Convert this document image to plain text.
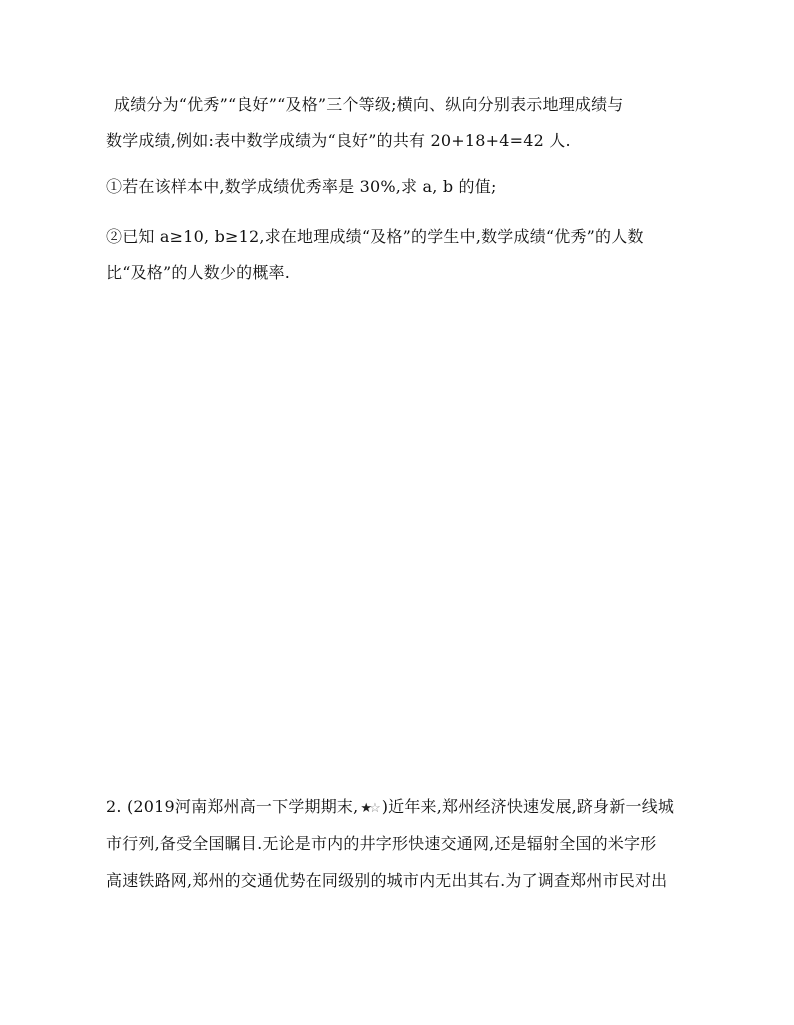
成绩分为“优秀”“良好”“及格”三个等级;横向、纵向分别表示地理成绩与
数学成绩,例如:表中数学成绩为“良好”的共有 20+18+4=42 人.
①若在该样本中,数学成绩优秀率是 30%,求 a, b 的值;
②已知 a≥10, b≥12,求在地理成绩“及格”的学生中,数学成绩“优秀”的人数
比“及格”的人数少的概率.
2. (2019河南郑州高一下学期期末, ★☆ )近年来,郑州经济快速发展,跻身新一线城
市行列,备受全国瞩目.无论是市内的井字形快速交通网,还是辐射全国的米字形
高速铁路网,郑州的交通优势在同级别的城市内无出其右.为了调查郑州市民对出
